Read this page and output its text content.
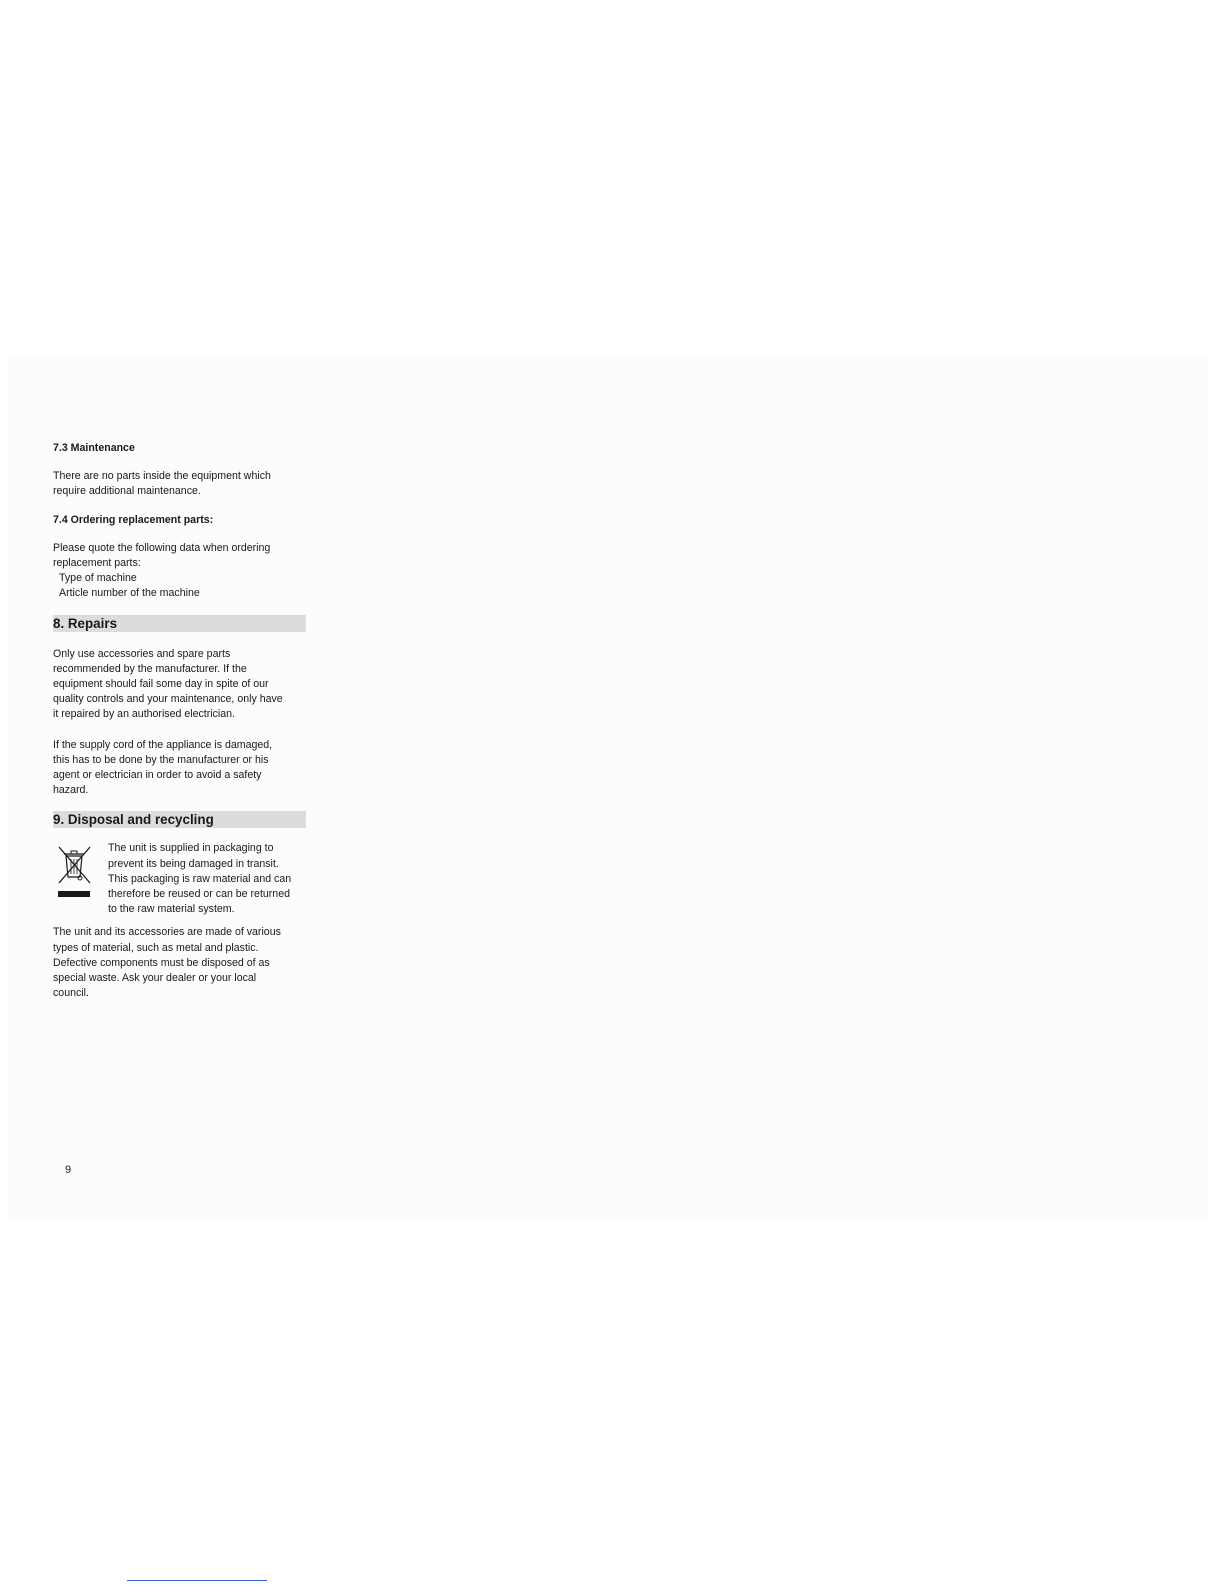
7.3 Maintenance

There are no parts inside the equipment which

require additional maintenance.

7.4 Ordering replacement parts:

Please quote the following data when ordering

replacement parts:

Type of machine

Article number of the machine

8. Repairs

Only use accessories and spare parts

recommended by the manufacturer. If the

equipment should fail some day in spite of our

quality controls and your maintenance, only have

it repaired by an authorised electrician.

If the supply cord of the appliance is damaged,

this has to be done by the manufacturer or his

agent or electrician in order to avoid a safety

hazard.

9. Disposal and recycling

The unit is supplied in packaging to

prevent its being damaged in transit.

This packaging is raw material and can

therefore be reused or can be returned

to the raw material system.

The unit and its accessories are made of various

types of material, such as metal and plastic.

Defective components must be disposed of as

special waste. Ask your dealer or your local

council.

9
